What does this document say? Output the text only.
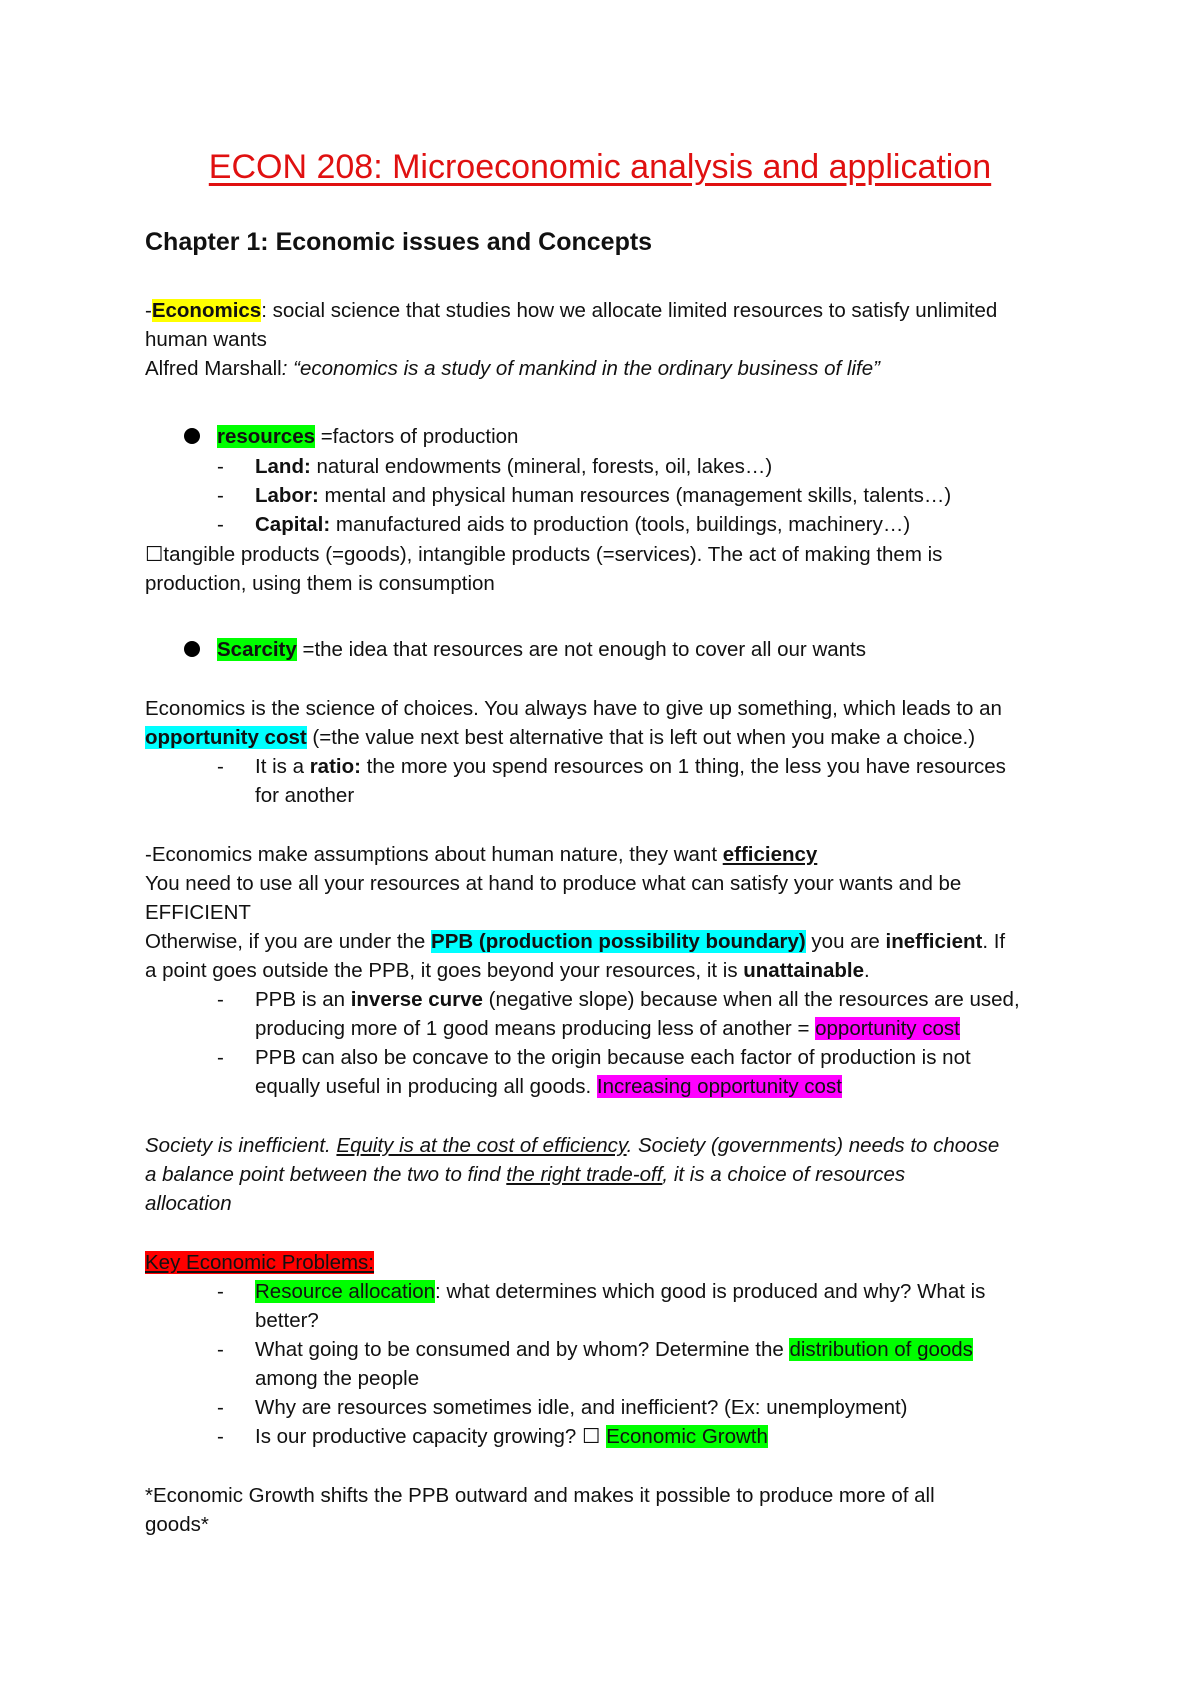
ECON 208: Microeconomic analysis and application
Chapter 1: Economic issues and Concepts
-Economics: social science that studies how we allocate limited resources to satisfy unlimited
human wants
Alfred Marshall: “economics is a study of mankind in the ordinary business of life”
resources =factors of production
- Land: natural endowments (mineral, forests, oil, lakes…)
- Labor: mental and physical human resources (management skills, talents…)
- Capital: manufactured aids to production (tools, buildings, machinery…)
☐tangible products (=goods), intangible products (=services). The act of making them is
production, using them is consumption
Scarcity =the idea that resources are not enough to cover all our wants
Economics is the science of choices. You always have to give up something, which leads to an
opportunity cost (=the value next best alternative that is left out when you make a choice.)
- It is a ratio: the more you spend resources on 1 thing, the less you have resources
for another
-Economics make assumptions about human nature, they want efficiency
You need to use all your resources at hand to produce what can satisfy your wants and be
EFFICIENT
Otherwise, if you are under the PPB (production possibility boundary) you are inefficient. If
a point goes outside the PPB, it goes beyond your resources, it is unattainable.
- PPB is an inverse curve (negative slope) because when all the resources are used,
producing more of 1 good means producing less of another = opportunity cost
- PPB can also be concave to the origin because each factor of production is not
equally useful in producing all goods. Increasing opportunity cost
Society is inefficient. Equity is at the cost of efficiency. Society (governments) needs to choose
a balance point between the two to find the right trade-off, it is a choice of resources
allocation
Key Economic Problems:
- Resource allocation: what determines which good is produced and why? What is
better?
- What going to be consumed and by whom? Determine the distribution of goods
among the people
- Why are resources sometimes idle, and inefficient? (Ex: unemployment)
- Is our productive capacity growing? ☐ Economic Growth
*Economic Growth shifts the PPB outward and makes it possible to produce more of all
goods*
